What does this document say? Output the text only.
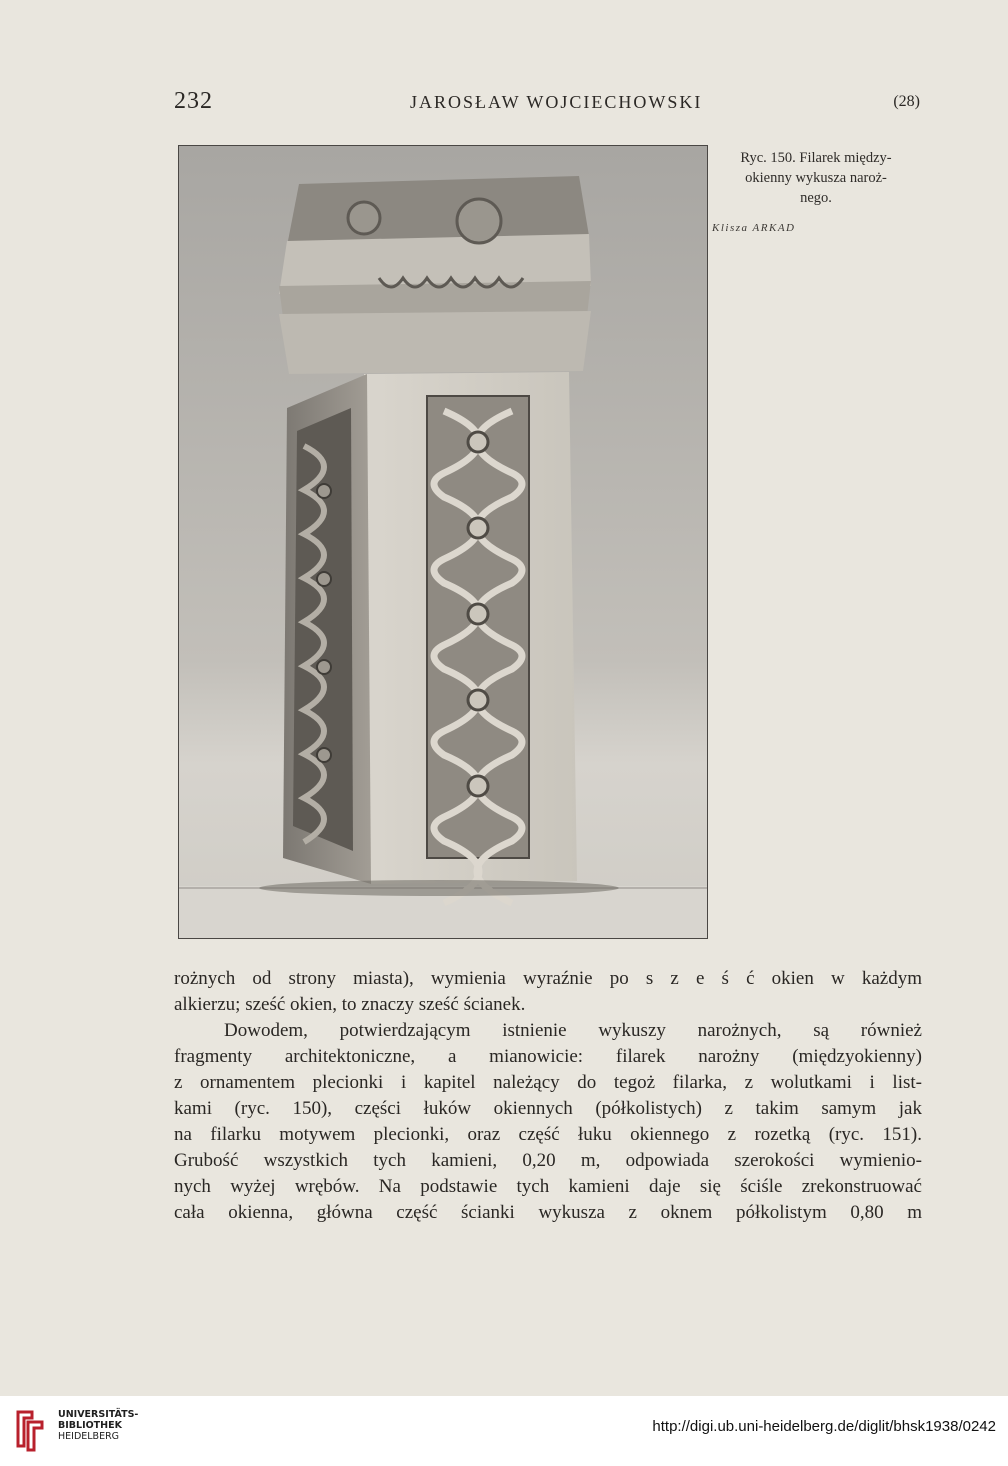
232	JAROSŁAW WOJCIECHOWSKI	(28)
Ryc. 150. Filarek między-
okienny wykusza naroż-
nego.
Klisza ARKAD
rożnych od strony miasta), wymienia wyraźnie po s z e ś ć okien w każdym
alkierzu; sześć okien, to znaczy sześć ścianek.
Dowodem, potwierdzającym istnienie wykuszy narożnych, są również
fragmenty architektoniczne, a mianowicie: filarek narożny (międzyokienny)
z ornamentem plecionki i kapitel należący do tegoż filarka, z wolutkami i list-
kami (ryc. 150), części łuków okiennych (półkolistych) z takim samym jak
na filarku motywem plecionki, oraz część łuku okiennego z rozetką (ryc. 151).
Grubość wszystkich tych kamieni, 0,20 m, odpowiada szerokości wymienio-
nych wyżej wrębów. Na podstawie tych kamieni daje się ściśle zrekonstruować
cała okienna, główna część ścianki wykusza z oknem półkolistym 0,80 m
UNIVERSITÄTS-
BIBLIOTHEK
HEIDELBERG
http://digi.ub.uni-heidelberg.de/diglit/bhsk1938/0242
